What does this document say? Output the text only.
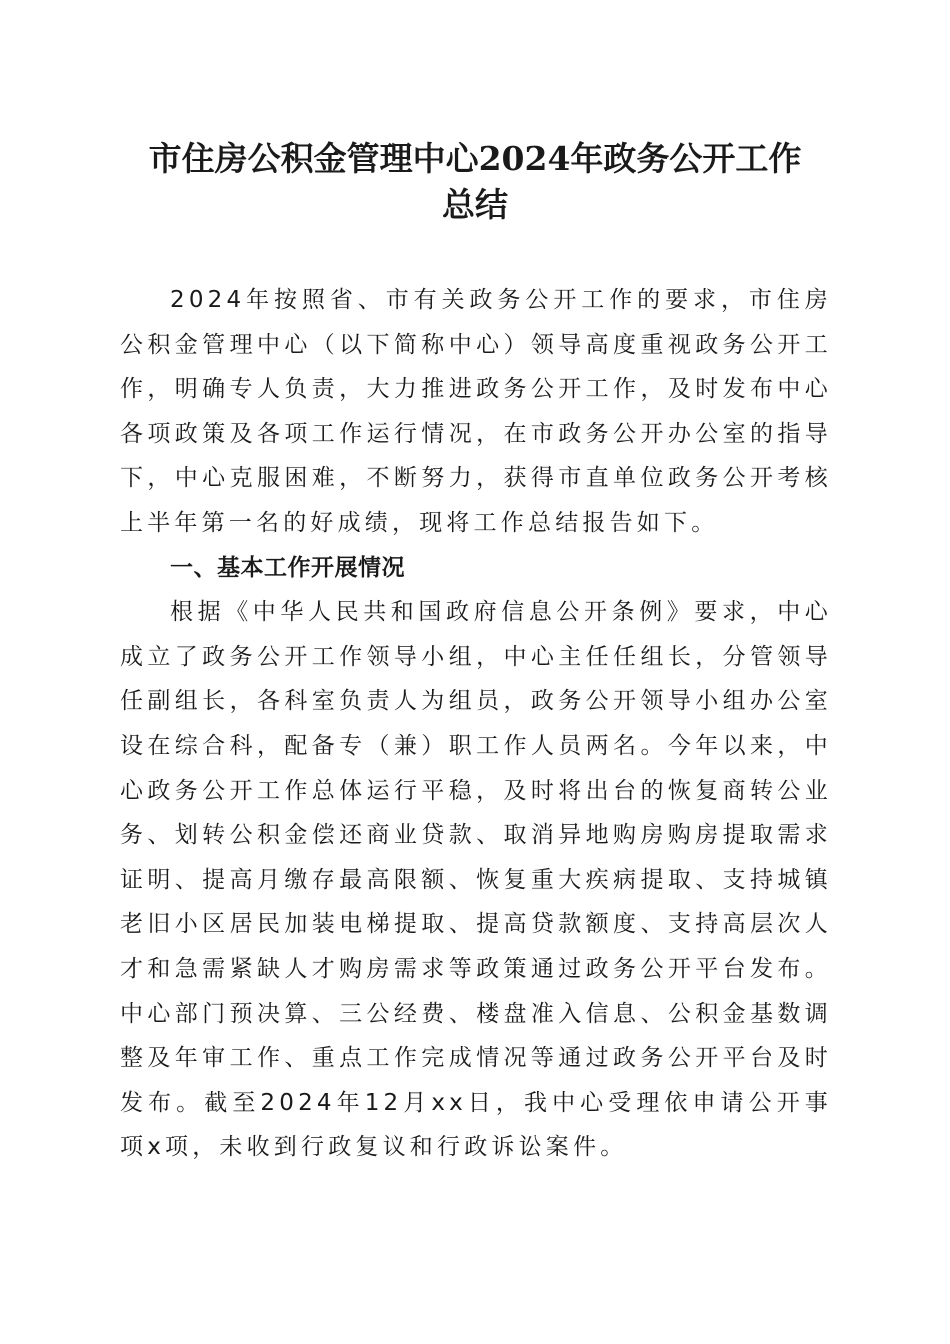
市住房公积金管理中心2024年政务公开工作
总结

2024年按照省、市有关政务公开工作的要求，市住房公积金管理中心（以下简称中心）领导高度重视政务公开工作，明确专人负责，大力推进政务公开工作，及时发布中心各项政策及各项工作运行情况，在市政务公开办公室的指导下，中心克服困难，不断努力，获得市直单位政务公开考核上半年第一名的好成绩，现将工作总结报告如下。

一、基本工作开展情况

根据《中华人民共和国政府信息公开条例》要求，中心成立了政务公开工作领导小组，中心主任任组长，分管领导任副组长，各科室负责人为组员，政务公开领导小组办公室设在综合科，配备专（兼）职工作人员两名。今年以来，中心政务公开工作总体运行平稳，及时将出台的恢复商转公业务、划转公积金偿还商业贷款、取消异地购房购房提取需求证明、提高月缴存最高限额、恢复重大疾病提取、支持城镇老旧小区居民加装电梯提取、提高贷款额度、支持高层次人才和急需紧缺人才购房需求等政策通过政务公开平台发布。中心部门预决算、三公经费、楼盘准入信息、公积金基数调整及年审工作、重点工作完成情况等通过政务公开平台及时发布。截至2024年12月xx日，我中心受理依申请公开事项x项，未收到行政复议和行政诉讼案件。
